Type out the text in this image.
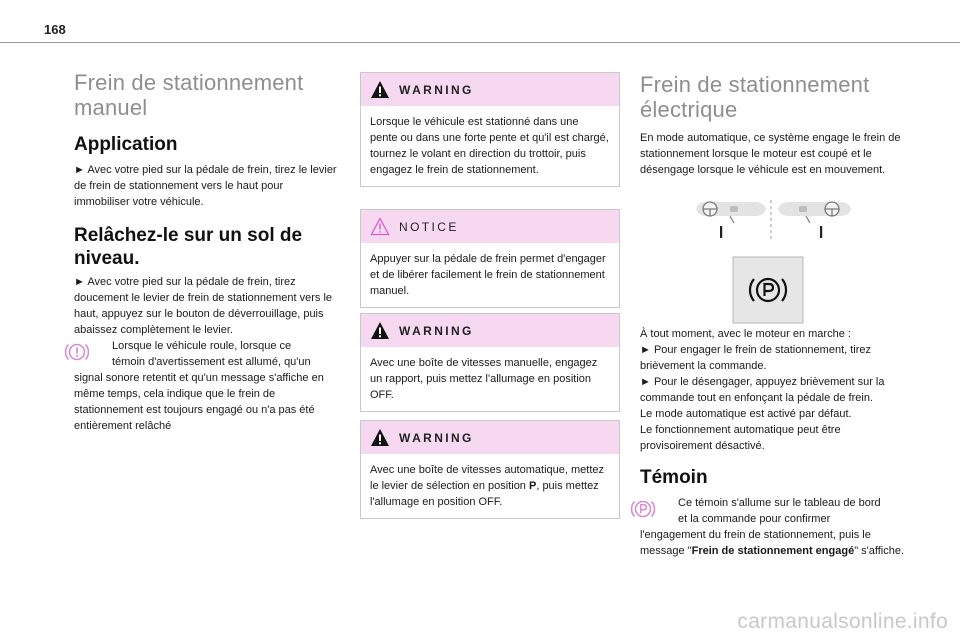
168
Frein de stationnement
manuel
Application
► Avec votre pied sur la pédale de frein, tirez le levier de frein de stationnement vers le haut pour immobiliser votre véhicule.
Relâchez-le sur un sol de
niveau.
► Avec votre pied sur la pédale de frein, tirez doucement le levier de frein de stationnement vers le haut, appuyez sur le bouton de déverrouillage, puis abaissez complètement le levier.
Lorsque le véhicule roule, lorsque ce
témoin d'avertissement est allumé, qu'un
signal sonore retentit et qu'un message s'affiche en même temps, cela indique que le frein de stationnement est toujours engagé ou n'a pas été entièrement relâché
WARNING
Lorsque le véhicule est stationné dans une pente ou dans une forte pente et qu'il est chargé, tournez le volant en direction du trottoir, puis engagez le frein de stationnement.
NOTICE
Appuyer sur la pédale de frein permet d'engager et de libérer facilement le frein de stationnement manuel.
WARNING
Avec une boîte de vitesses manuelle, engagez un rapport, puis mettez l'allumage en position OFF.
WARNING
Avec une boîte de vitesses automatique, mettez le levier de sélection en position P, puis mettez l'allumage en position OFF.
Frein de stationnement
électrique
En mode automatique, ce système engage le frein de stationnement lorsque le moteur est coupé et le désengage lorsque le véhicule est en mouvement.
À tout moment, avec le moteur en marche :
► Pour engager le frein de stationnement, tirez brièvement la commande.
► Pour le désengager, appuyez brièvement sur la commande tout en enfonçant la pédale de frein.
Le mode automatique est activé par défaut.
Le fonctionnement automatique peut être provisoirement désactivé.
Témoin
Ce témoin s'allume sur le tableau de bord
et la commande pour confirmer
l'engagement du frein de stationnement, puis le message "Frein de stationnement engagé" s'affiche.
carmanualsonline.info
